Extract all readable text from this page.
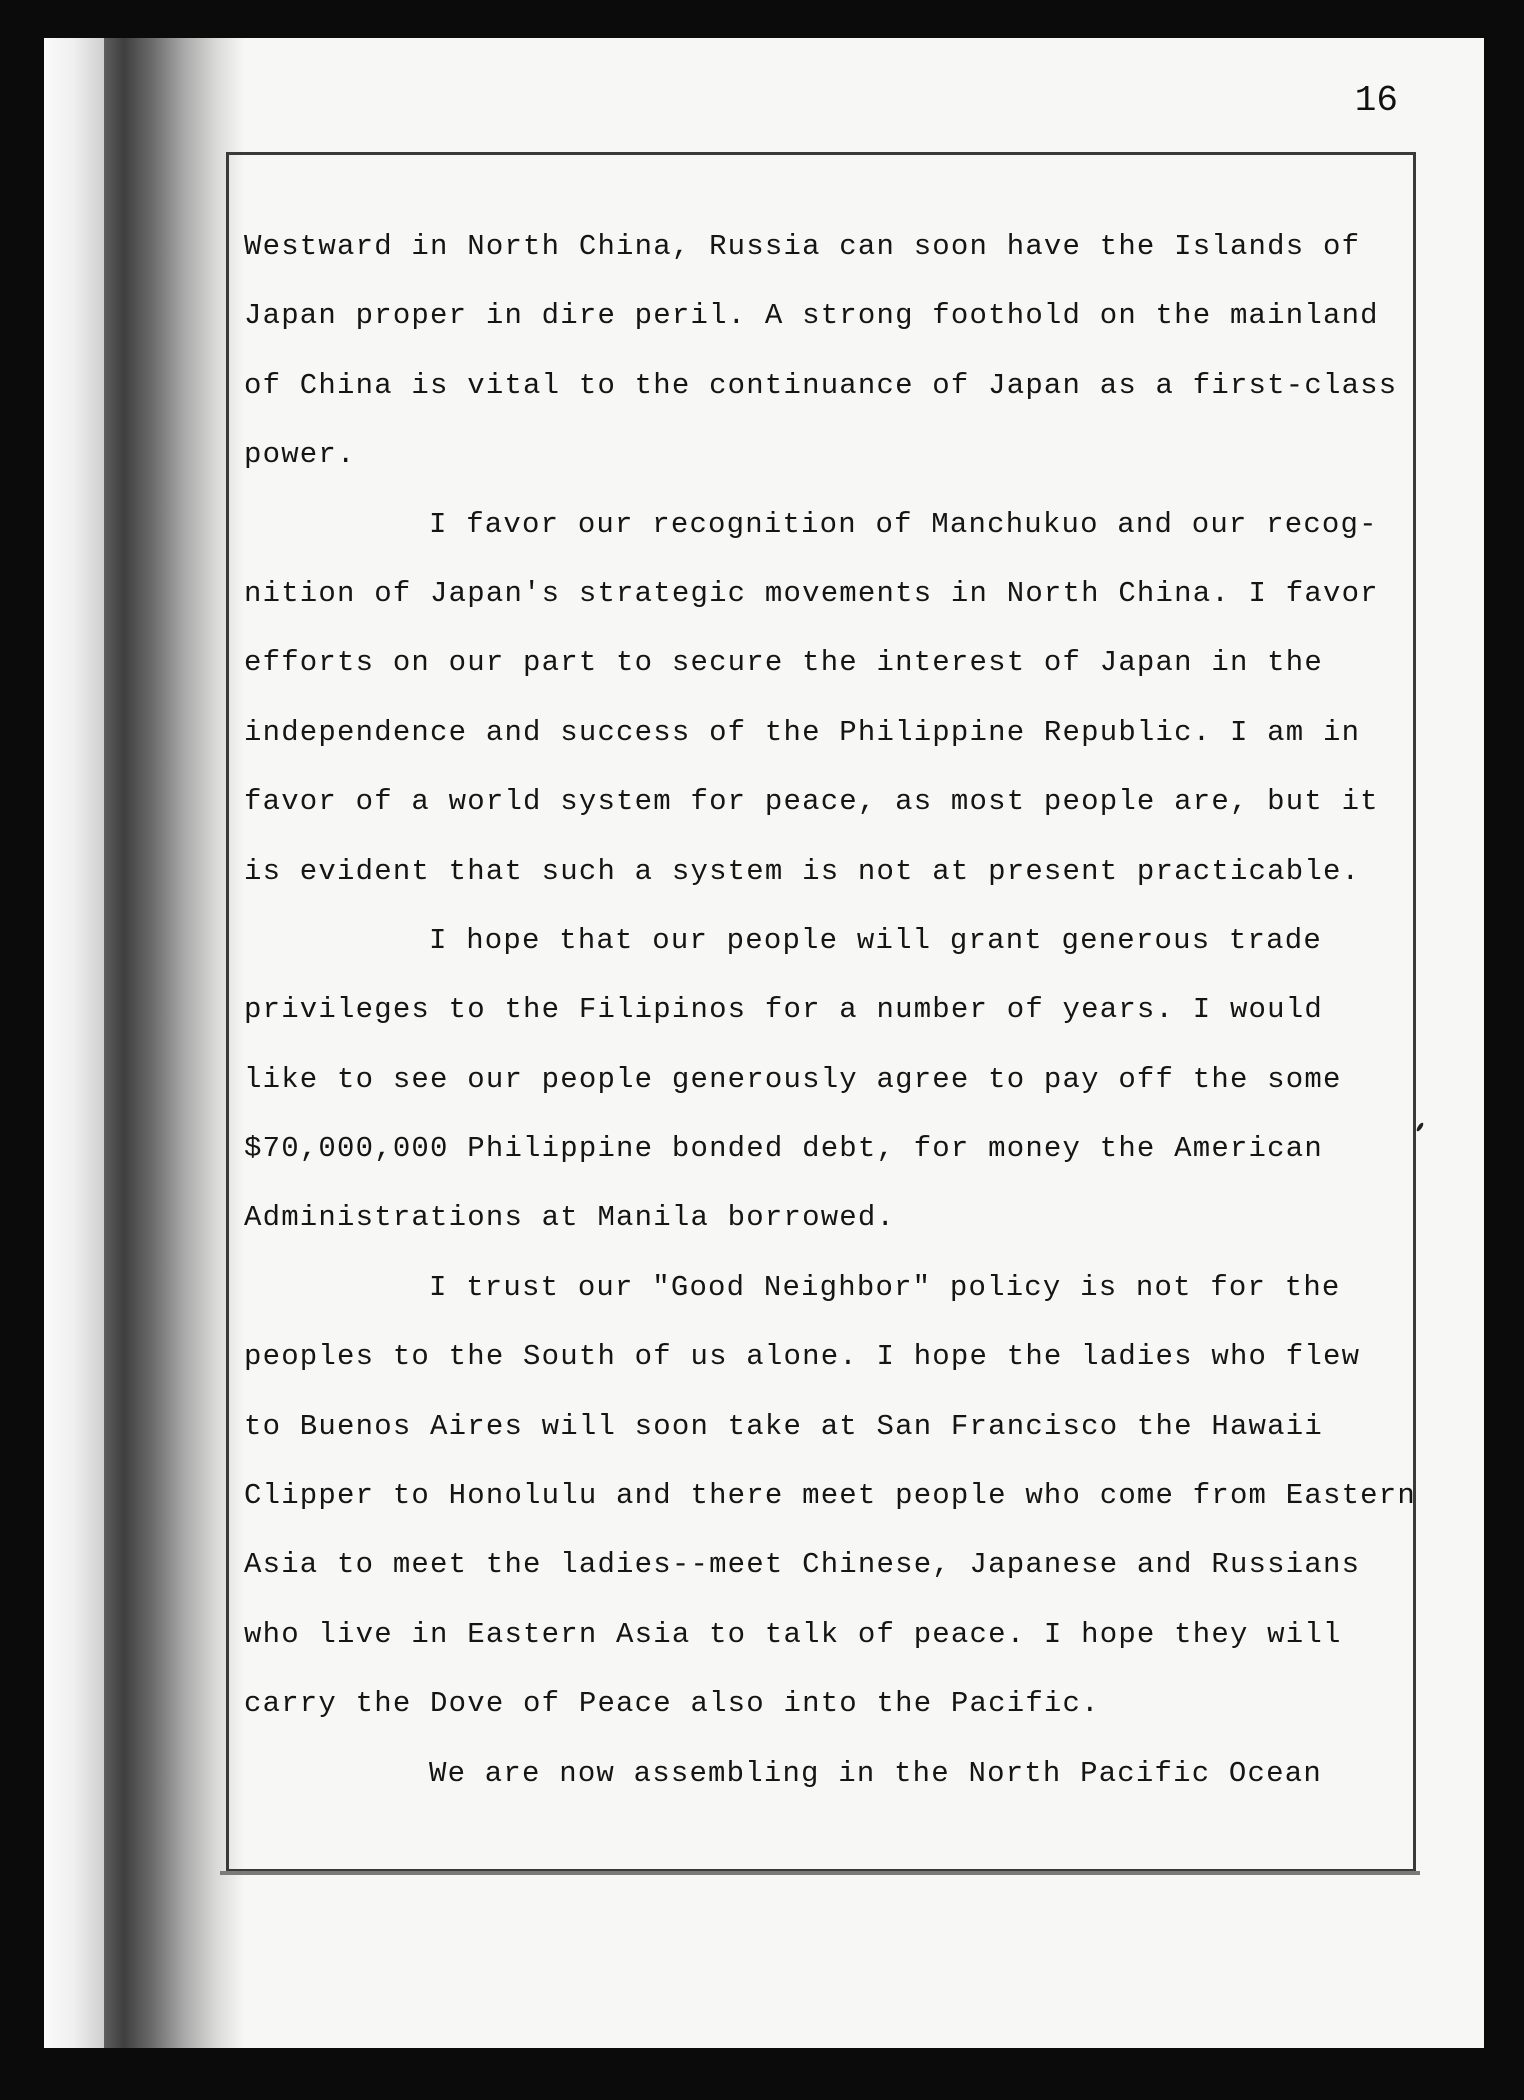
16
Westward in North China, Russia can soon have the Islands of
Japan proper in dire peril. A strong foothold on the mainland
of China is vital to the continuance of Japan as a first-class
power.
I favor our recognition of Manchukuo and our recog-
nition of Japan's strategic movements in North China. I favor
efforts on our part to secure the interest of Japan in the
independence and success of the Philippine Republic. I am in
favor of a world system for peace, as most people are, but it
is evident that such a system is not at present practicable.
I hope that our people will grant generous trade
privileges to the Filipinos for a number of years. I would
like to see our people generously agree to pay off the some
$70,000,000 Philippine bonded debt, for money the American
Administrations at Manila borrowed.
I trust our "Good Neighbor" policy is not for the
peoples to the South of us alone. I hope the ladies who flew
to Buenos Aires will soon take at San Francisco the Hawaii
Clipper to Honolulu and there meet people who come from Eastern
Asia to meet the ladies--meet Chinese, Japanese and Russians
who live in Eastern Asia to talk of peace. I hope they will
carry the Dove of Peace also into the Pacific.
We are now assembling in the North Pacific Ocean
